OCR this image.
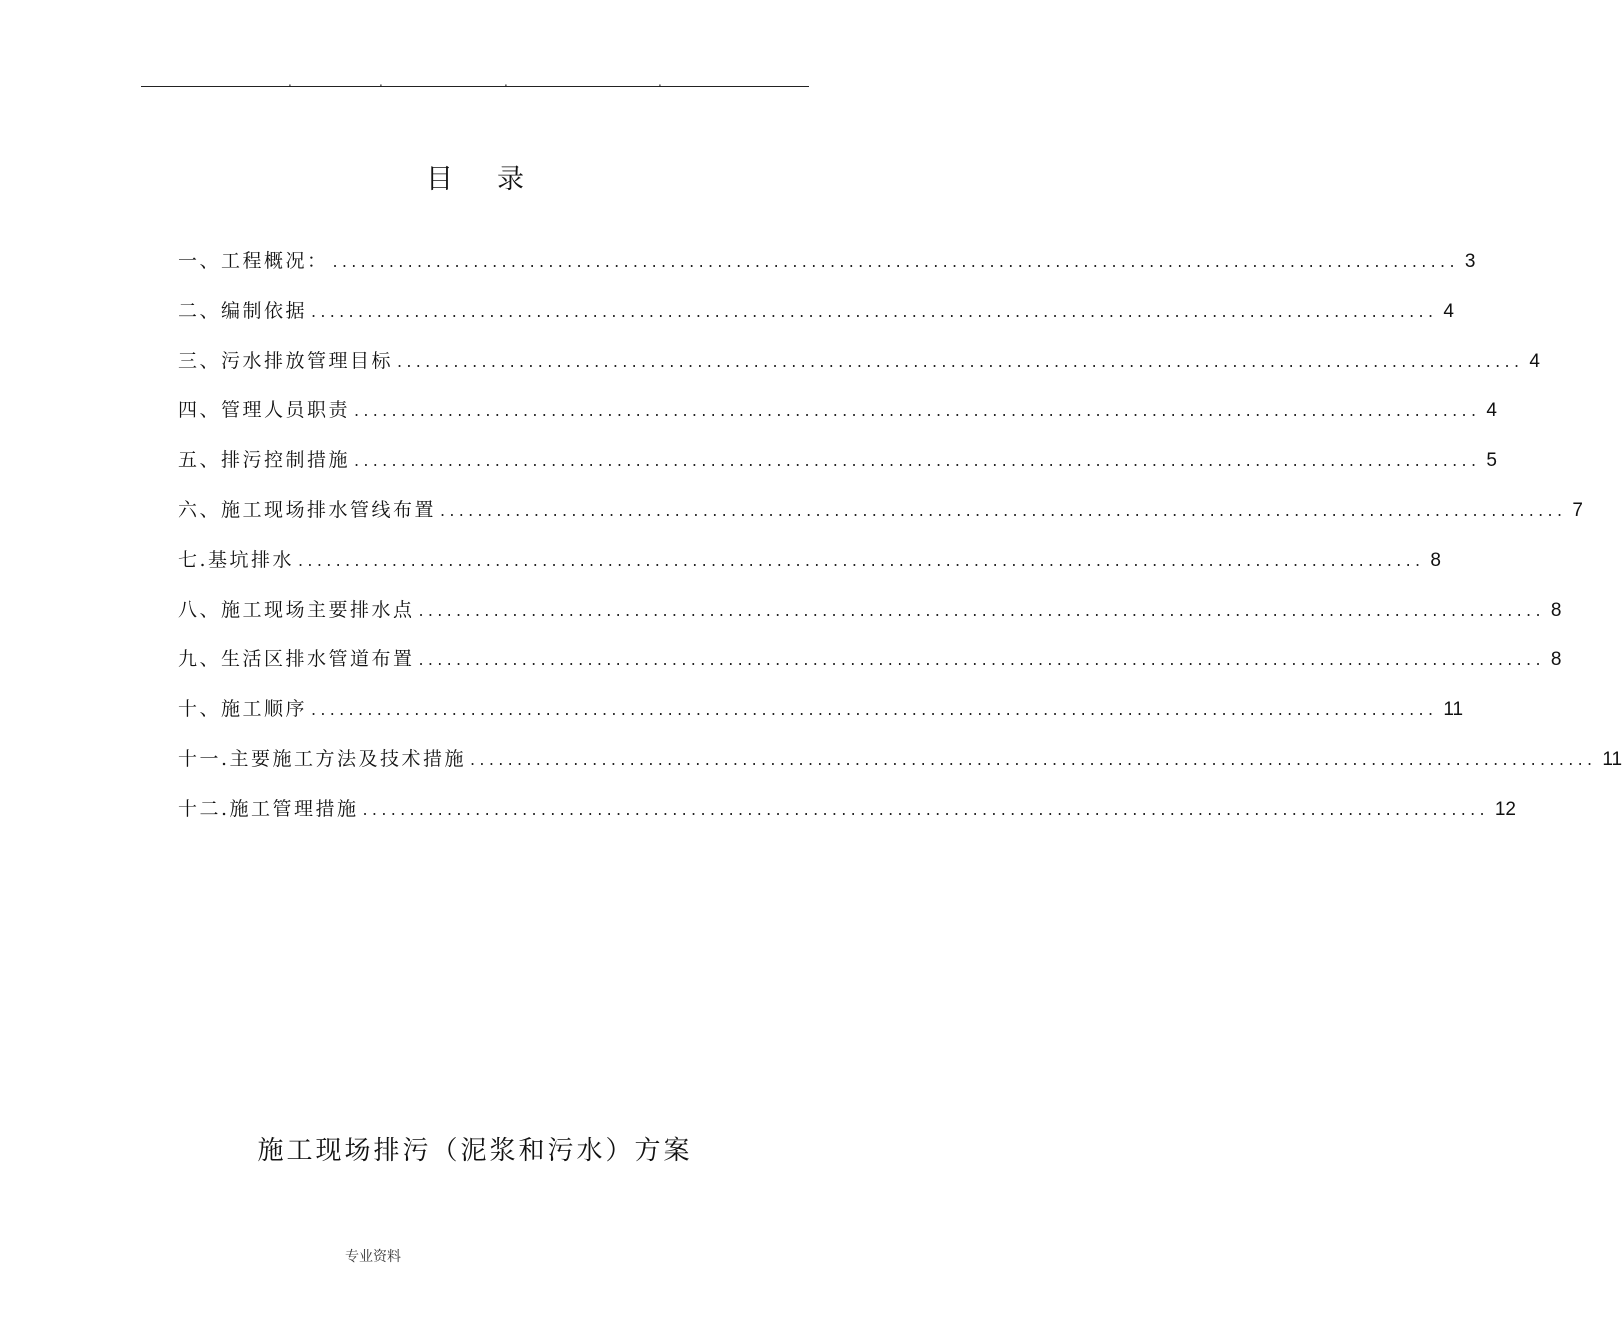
.	.	.	.
目录
一、工程概况： ........................................................................................................................ 3
二、编制依据 ........................................................................................................................ 4
三、污水排放管理目标 ........................................................................................................................ 4
四、管理人员职责 ........................................................................................................................ 4
五、排污控制措施 ........................................................................................................................ 5
六、施工现场排水管线布置 ........................................................................................................................ 7
七.基坑排水 ........................................................................................................................ 8
八、施工现场主要排水点 ........................................................................................................................ 8
九、生活区排水管道布置 ........................................................................................................................ 8
十、施工顺序 ........................................................................................................................ 11
十一.主要施工方法及技术措施 ........................................................................................................................ 11
十二.施工管理措施 ........................................................................................................................ 12
施工现场排污（泥浆和污水）方案
专业资料
